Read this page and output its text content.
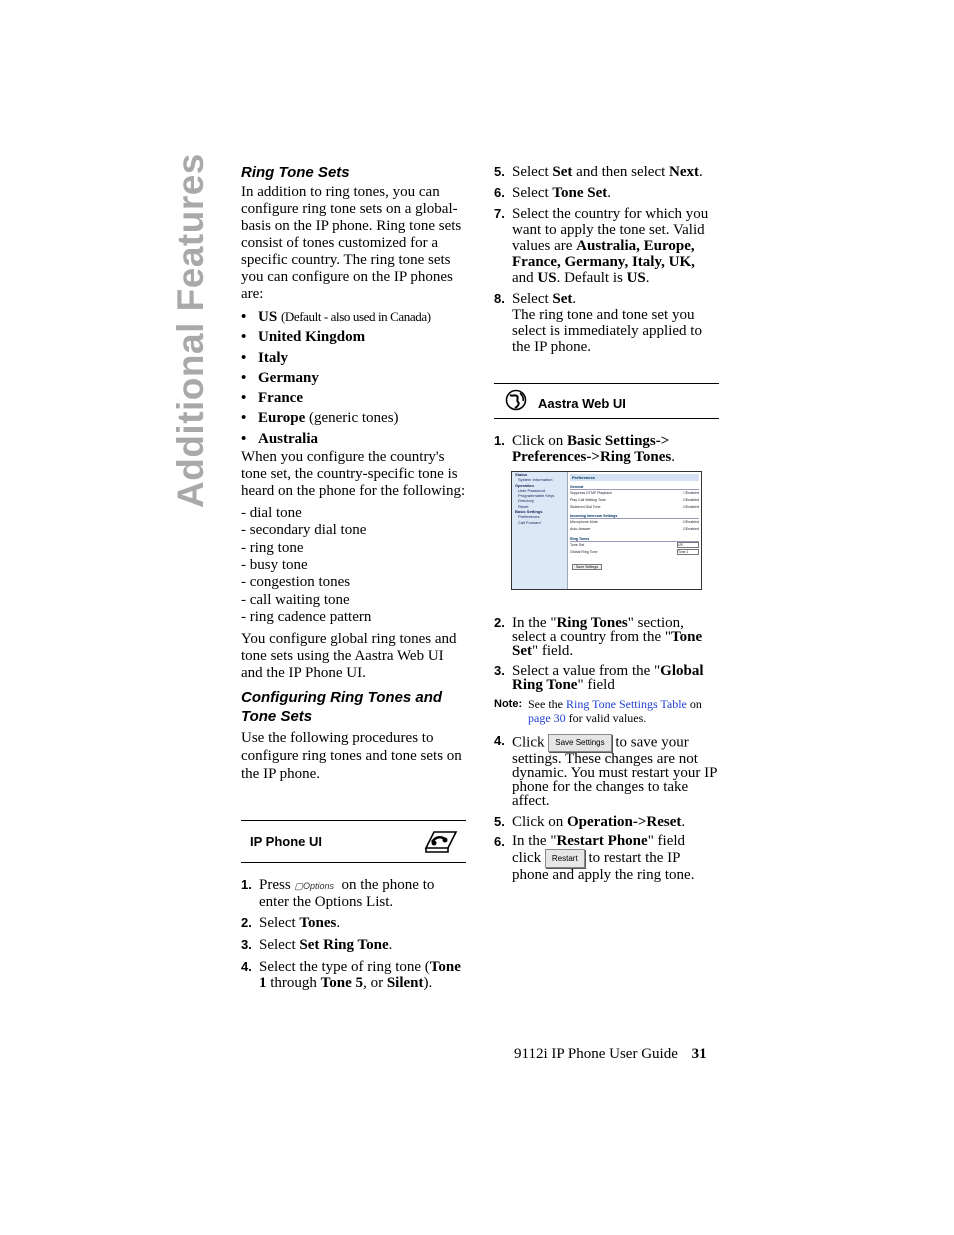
Additional Features	Ring Tone Sets

In addition to ring tones, you can configure ring tone sets on a global-basis on the IP phone. Ring tone sets consist of tones customized for a specific country. The ring tone sets you can configure on the IP phones are:

• US (Default - also used in Canada)
• United Kingdom
• Italy
• Germany
• France
• Europe (generic tones)
• Australia

When you configure the country's tone set, the country-specific tone is heard on the phone for the following:

- dial tone
- secondary dial tone
- ring tone
- busy tone
- congestion tones
- call waiting tone
- ring cadence pattern

You configure global ring tones and tone sets using the Aastra Web UI and the IP Phone UI.

Configuring Ring Tones and Tone Sets

Use the following procedures to configure ring tones and tone sets on the IP phone.

IP Phone UI
1. Press ▢Options on the phone to enter the Options List.
2. Select Tones.
3. Select Set Ring Tone.
4. Select the type of ring tone (Tone 1 through Tone 5, or Silent).
5. Select Set and then select Next.
6. Select Tone Set.
7. Select the country for which you want to apply the tone set. Valid values are Australia, Europe, France, Germany, Italy, UK, and US. Default is US.
8. Select Set.
The ring tone and tone set you select is immediately applied to the IP phone.
Aastra Web UI
1. Click on Basic Settings-> Preferences->Ring Tones.
Status
System Information
Operation
User Password
Programmable Keys
Directory
Reset
Basic Settings
Preferences
Call Forward
Preferences
General
Suppress DTMF Playback	☐Enabled
Play Call Waiting Tone	☑Enabled
Stuttered Dial Tone	☑Enabled
Incoming Intercom Settings
Microphone Mute	☑Enabled
Auto-Answer	☑Enabled
Ring Tones
Tone Set	US
Global Ring Tone	Tone 1
Save Settings
2. In the "Ring Tones" section, select a country from the "Tone Set" field.
3. Select a value from the "Global Ring Tone" field
Note: See the Ring Tone Settings Table on page 30 for valid values.
4. Click Save Settings to save your settings. These changes are not dynamic. You must restart your IP phone for the changes to take affect.
5. Click on Operation->Reset.
6. In the "Restart Phone" field
click Restart to restart the IP phone and apply the ring tone.
9112i IP Phone User Guide 31
